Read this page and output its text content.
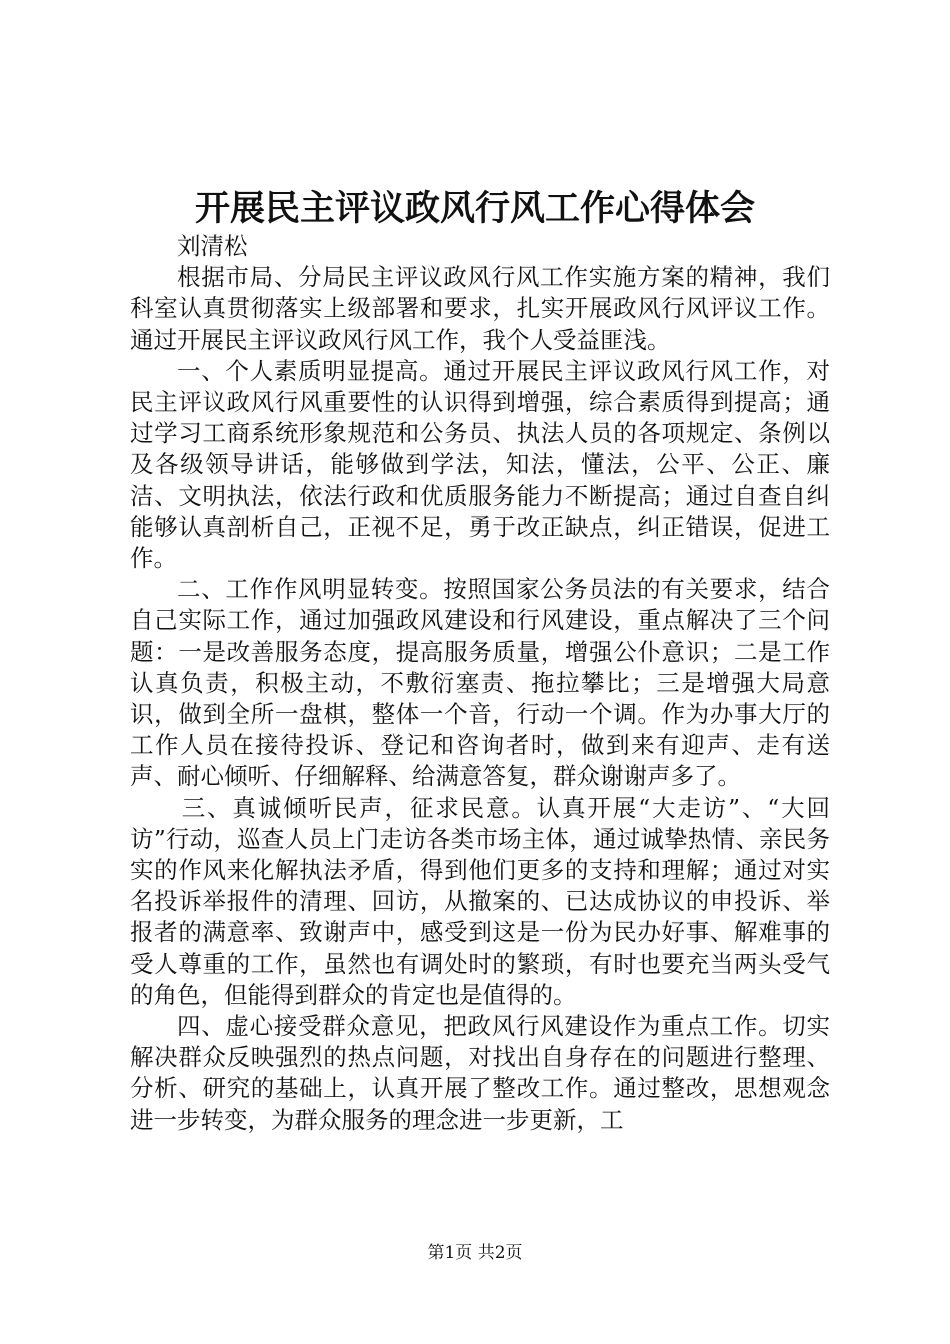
开展民主评议政风行风工作心得体会

刘清松

根据市局、分局民主评议政风行风工作实施方案的精神，我们科室认真贯彻落实上级部署和要求，扎实开展政风行风评议工作。通过开展民主评议政风行风工作，我个人受益匪浅。

一、个人素质明显提高。通过开展民主评议政风行风工作，对民主评议政风行风重要性的认识得到增强，综合素质得到提高；通过学习工商系统形象规范和公务员、执法人员的各项规定、条例以及各级领导讲话，能够做到学法，知法，懂法，公平、公正、廉洁、文明执法，依法行政和优质服务能力不断提高；通过自查自纠能够认真剖析自己，正视不足，勇于改正缺点，纠正错误，促进工作。

二、工作作风明显转变。按照国家公务员法的有关要求，结合自己实际工作，通过加强政风建设和行风建设，重点解决了三个问题：一是改善服务态度，提高服务质量，增强公仆意识；二是工作认真负责，积极主动，不敷衍塞责、拖拉攀比；三是增强大局意识，做到全所一盘棋，整体一个音，行动一个调。作为办事大厅的工作人员在接待投诉、登记和咨询者时，做到来有迎声、走有送声、耐心倾听、仔细解释、给满意答复，群众谢谢声多了。

三、真诚倾听民声，征求民意。认真开展“大走访”、“大回访”行动，巡查人员上门走访各类市场主体，通过诚挚热情、亲民务实的作风来化解执法矛盾，得到他们更多的支持和理解；通过对实名投诉举报件的清理、回访，从撤案的、已达成协议的申投诉、举报者的满意率、致谢声中，感受到这是一份为民办好事、解难事的受人尊重的工作，虽然也有调处时的繁琐，有时也要充当两头受气的角色，但能得到群众的肯定也是值得的。

四、虚心接受群众意见，把政风行风建设作为重点工作。切实解决群众反映强烈的热点问题，对找出自身存在的问题进行整理、分析、研究的基础上，认真开展了整改工作。通过整改，思想观念进一步转变，为群众服务的理念进一步更新，工

第1页 共2页
